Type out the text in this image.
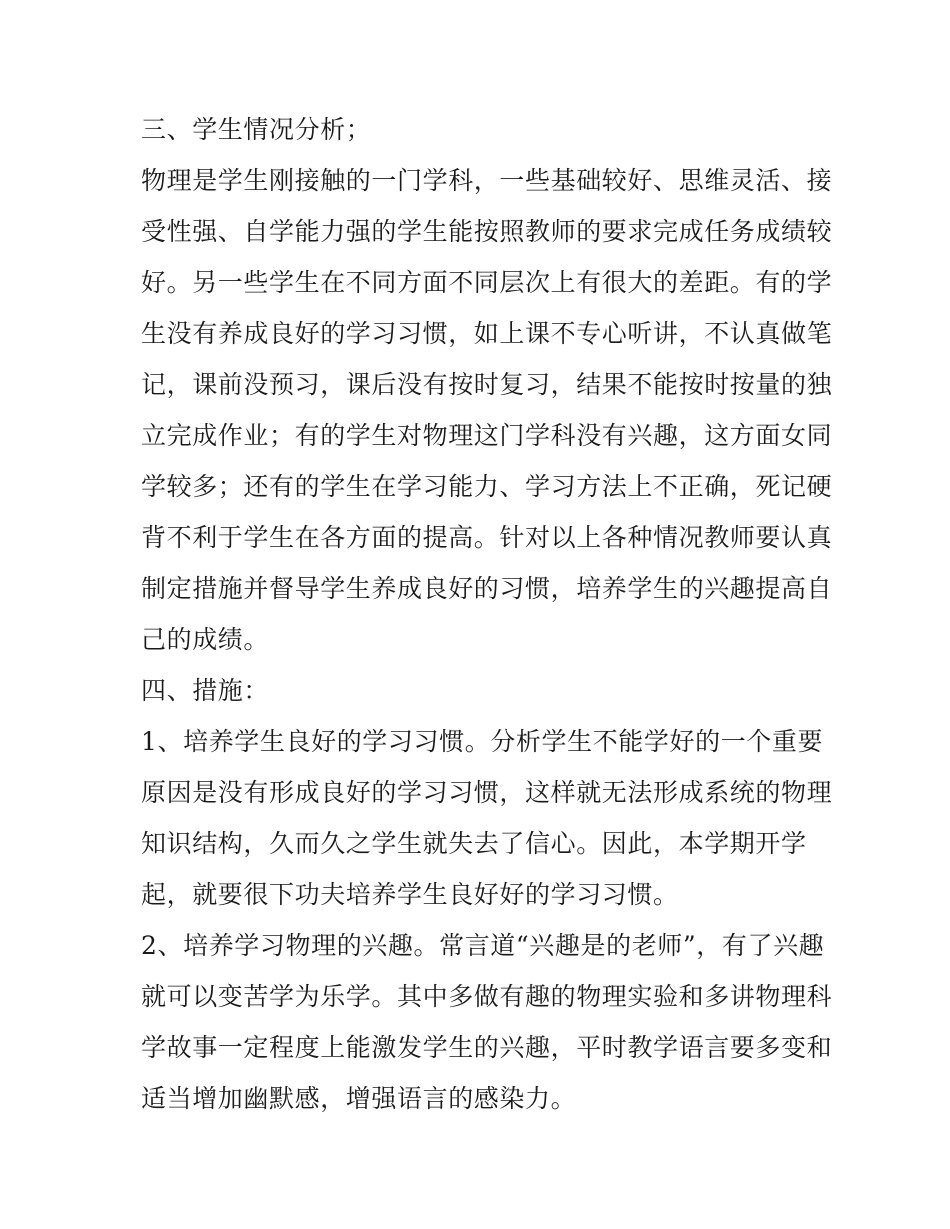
三、学生情况分析；

物理是学生刚接触的一门学科，一些基础较好、思维灵活、接

受性强、自学能力强的学生能按照教师的要求完成任务成绩较

好。另一些学生在不同方面不同层次上有很大的差距。有的学

生没有养成良好的学习习惯，如上课不专心听讲，不认真做笔

记，课前没预习，课后没有按时复习，结果不能按时按量的独

立完成作业；有的学生对物理这门学科没有兴趣，这方面女同

学较多；还有的学生在学习能力、学习方法上不正确，死记硬

背不利于学生在各方面的提高。针对以上各种情况教师要认真

制定措施并督导学生养成良好的习惯，培养学生的兴趣提高自

己的成绩。

四、措施：

1、培养学生良好的学习习惯。分析学生不能学好的一个重要

原因是没有形成良好的学习习惯，这样就无法形成系统的物理

知识结构，久而久之学生就失去了信心。因此，本学期开学

起，就要很下功夫培养学生良好好的学习习惯。

2、培养学习物理的兴趣。常言道“兴趣是的老师”，有了兴趣

就可以变苦学为乐学。其中多做有趣的物理实验和多讲物理科

学故事一定程度上能激发学生的兴趣，平时教学语言要多变和

适当增加幽默感，增强语言的感染力。
